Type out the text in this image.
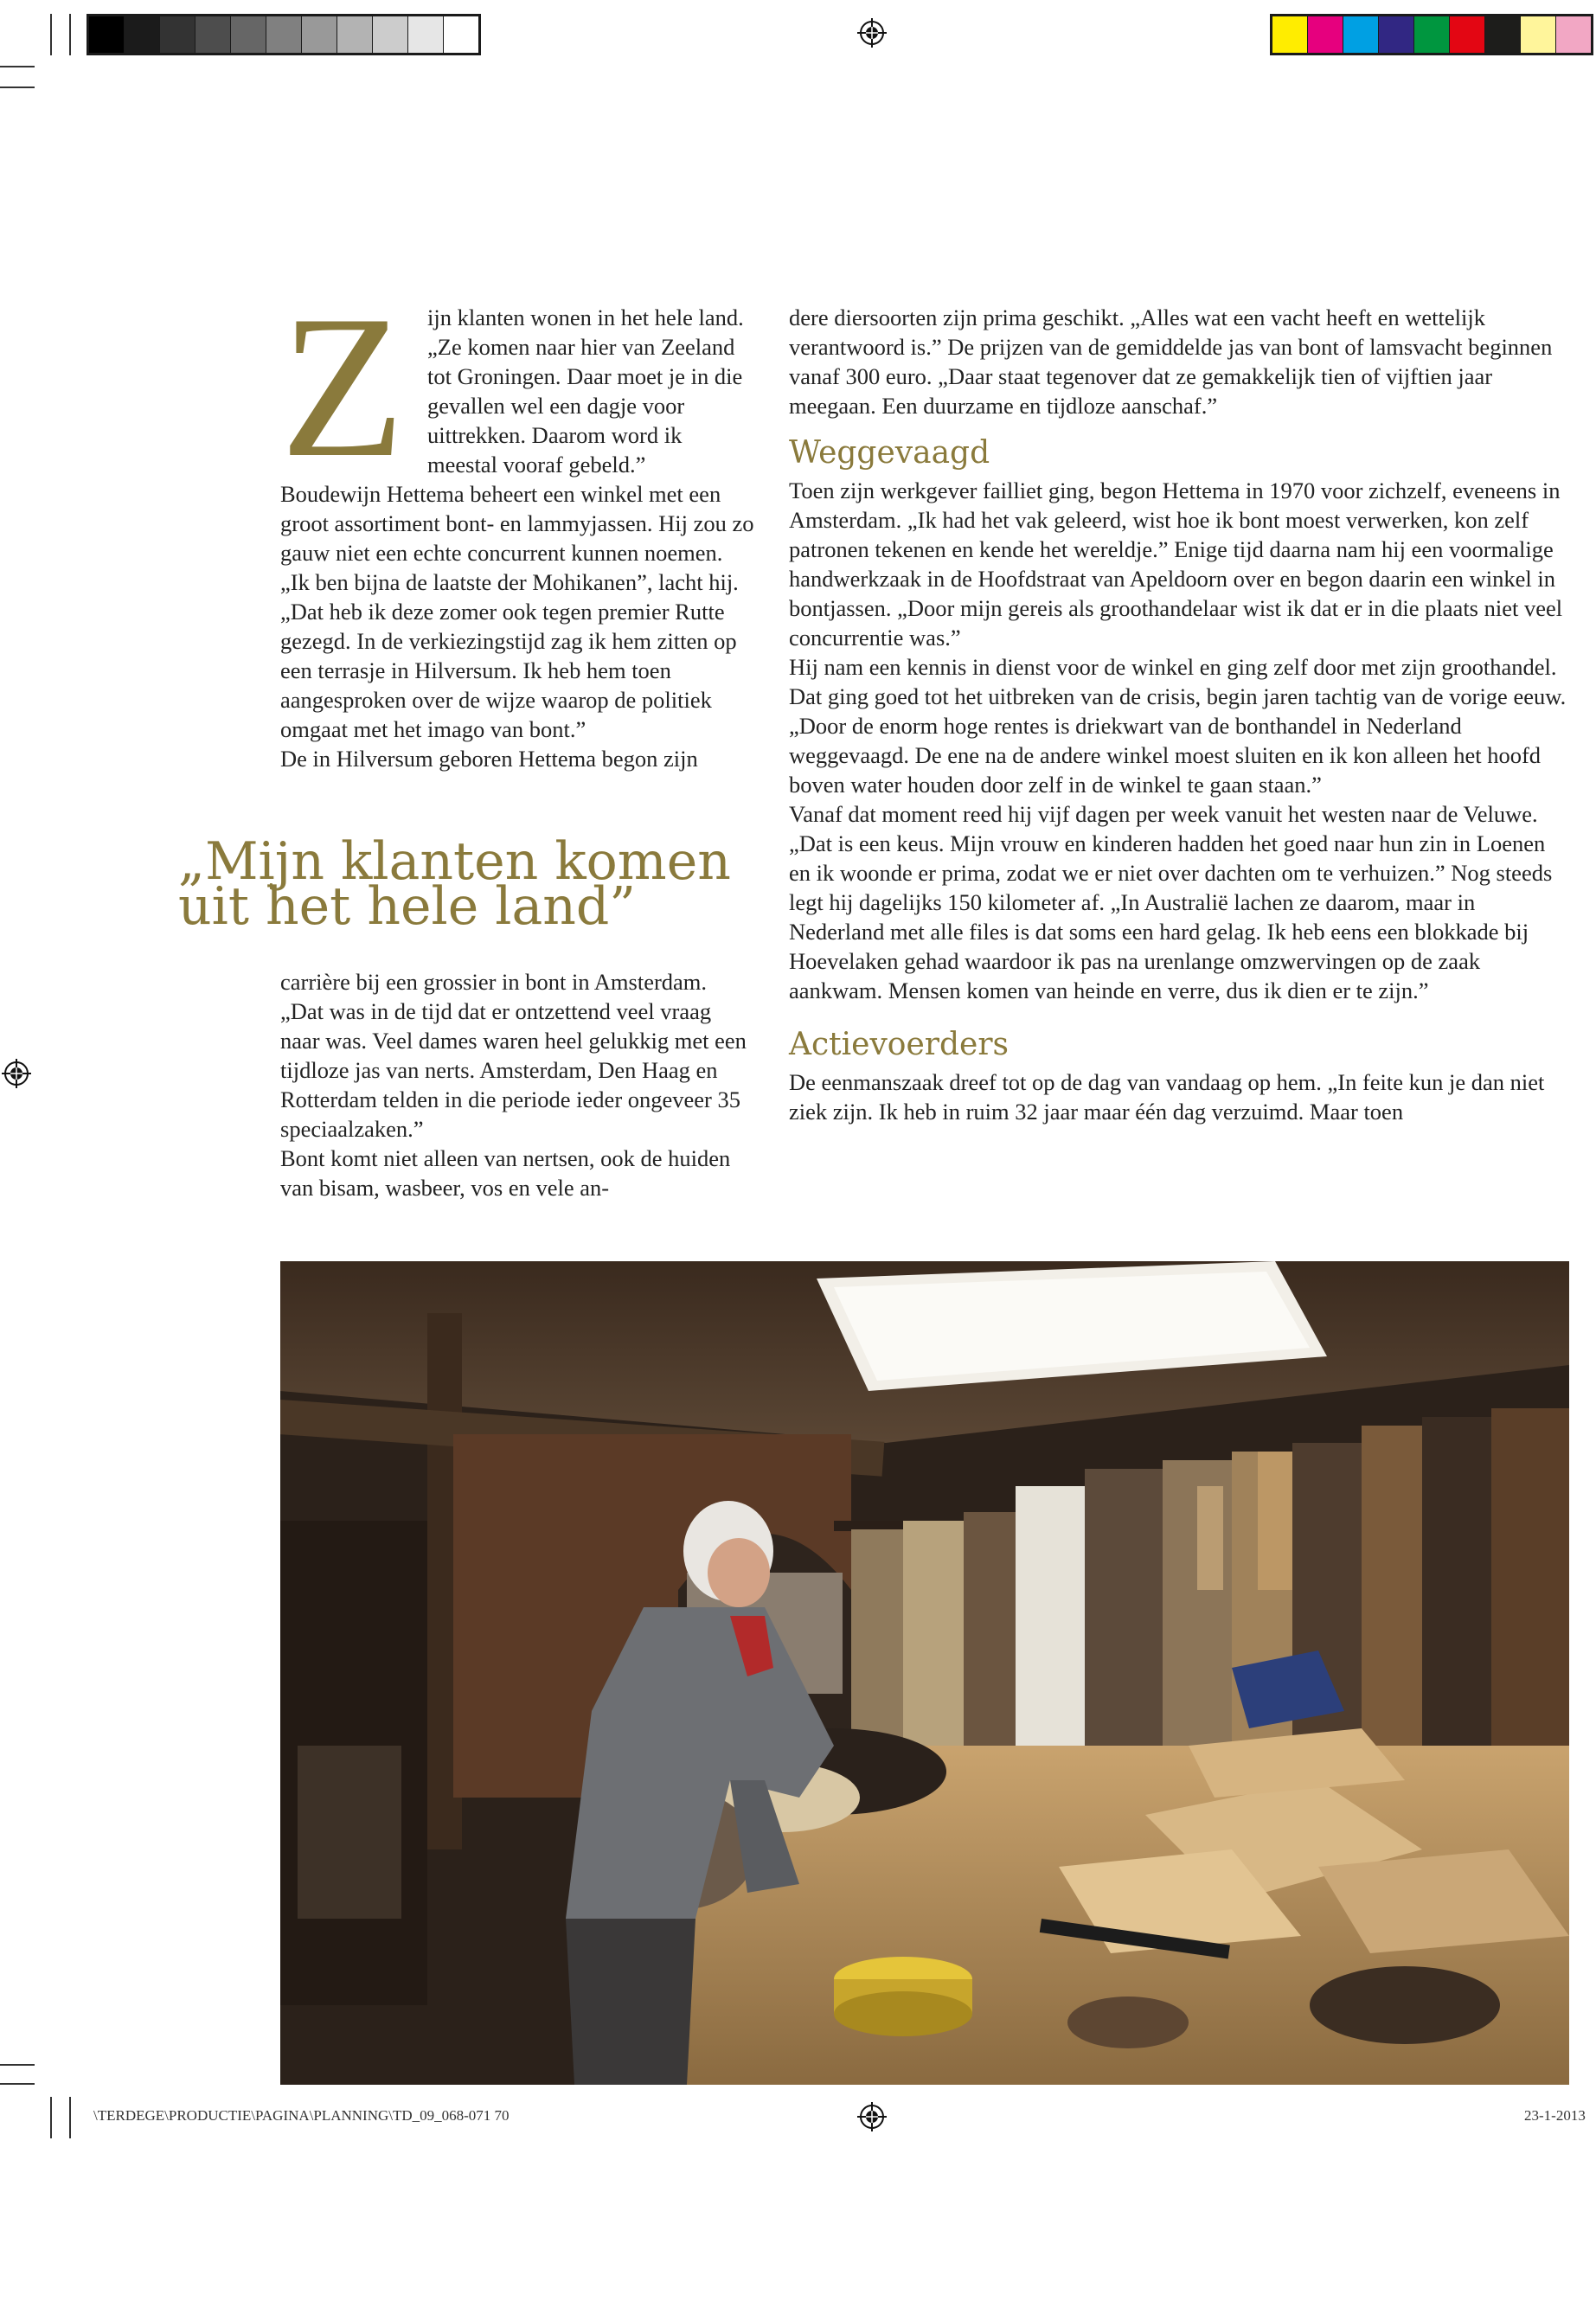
Z ijn klanten wonen in het hele land. „Ze komen naar hier van Zeeland tot Groningen. Daar moet je in die gevallen wel een dagje voor uittrekken. Daarom word ik meestal vooraf gebeld.”

Boudewijn Hettema beheert een winkel met een groot assortiment bont- en lammyjassen. Hij zou zo gauw niet een echte concurrent kunnen noemen. „Ik ben bijna de laatste der Mohikanen”, lacht hij. „Dat heb ik deze zomer ook tegen premier Rutte gezegd. In de verkiezingstijd zag ik hem zitten op een terrasje in Hilversum. Ik heb hem toen aangesproken over de wijze waarop de politiek omgaat met het imago van bont.”

De in Hilversum geboren Hettema begon zijn

„Mijn klanten komen uit het hele land”

carrière bij een grossier in bont in Amsterdam. „Dat was in de tijd dat er ontzettend veel vraag naar was. Veel dames waren heel gelukkig met een tijdloze jas van nerts. Amsterdam, Den Haag en Rotterdam telden in die periode ieder ongeveer 35 speciaalzaken.”

Bont komt niet alleen van nertsen, ook de huiden van bisam, wasbeer, vos en vele an-

dere diersoorten zijn prima geschikt. „Alles wat een vacht heeft en wettelijk verantwoord is.” De prijzen van de gemiddelde jas van bont of lamsvacht beginnen vanaf 300 euro. „Daar staat tegenover dat ze gemakkelijk tien of vijftien jaar meegaan. Een duurzame en tijdloze aanschaf.”

Weggevaagd

Toen zijn werkgever failliet ging, begon Hettema in 1970 voor zichzelf, eveneens in Amsterdam. „Ik had het vak geleerd, wist hoe ik bont moest verwerken, kon zelf patronen tekenen en kende het wereldje.” Enige tijd daarna nam hij een voormalige handwerkzaak in de Hoofdstraat van Apeldoorn over en begon daarin een winkel in bontjassen. „Door mijn gereis als groothandelaar wist ik dat er in die plaats niet veel concurrentie was.”

Hij nam een kennis in dienst voor de winkel en ging zelf door met zijn groothandel. Dat ging goed tot het uitbreken van de crisis, begin jaren tachtig van de vorige eeuw. „Door de enorm hoge rentes is driekwart van de bonthandel in Nederland weggevaagd. De ene na de andere winkel moest sluiten en ik kon alleen het hoofd boven water houden door zelf in de winkel te gaan staan.”

Vanaf dat moment reed hij vijf dagen per week vanuit het westen naar de Veluwe. „Dat is een keus. Mijn vrouw en kinderen hadden het goed naar hun zin in Loenen en ik woonde er prima, zodat we er niet over dachten om te verhuizen.” Nog steeds legt hij dagelijks 150 kilometer af. „In Australië lachen ze daarom, maar in Nederland met alle files is dat soms een hard gelag. Ik heb eens een blokkade bij Hoevelaken gehad waardoor ik pas na urenlange omzwervingen op de zaak aankwam. Mensen komen van heinde en verre, dus ik dien er te zijn.”

Actievoerders

De eenmanszaak dreef tot op de dag van vandaag op hem. „In feite kun je dan niet ziek zijn. Ik heb in ruim 32 jaar maar één dag verzuimd. Maar toen

\TERDEGE\PRODUCTIE\PAGINA\PLANNING\TD_09_068-071 70	23-1-2013
